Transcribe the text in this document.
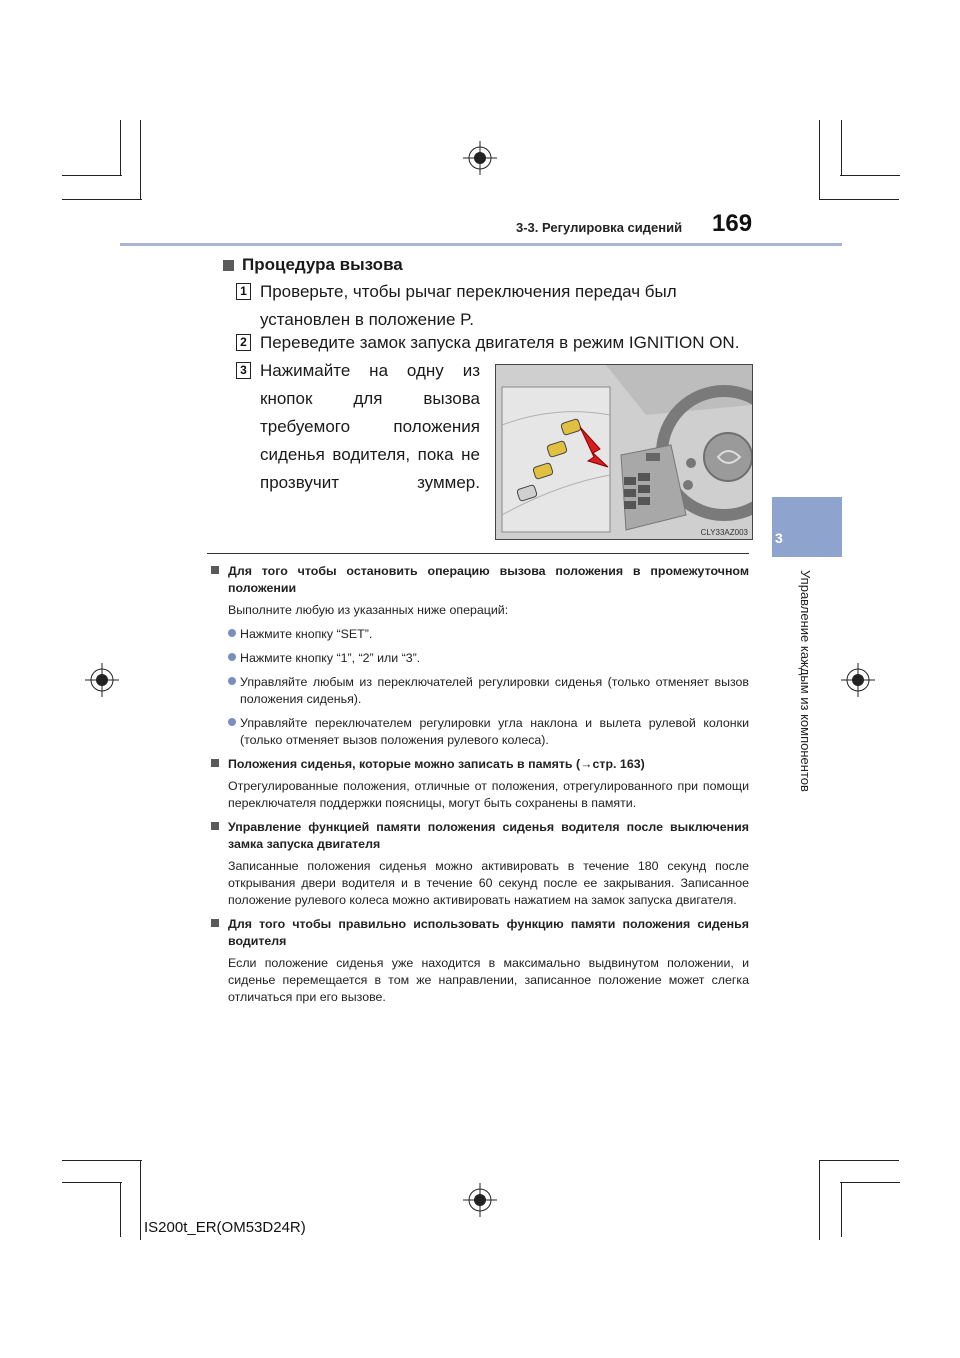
3-3. Регулировка сидений 169
3
Управление каждым из компонентов
Процедура вызова
1 Проверьте, чтобы рычаг переключения передач был установлен в положение P.
2 Переведите замок запуска двигателя в режим IGNITION ON.
3 Нажимайте на одну из кнопок для вызова требуемого положения сиденья водителя, пока не прозвучит зуммер.
CLY33AZ003
Для того чтобы остановить операцию вызова положения в промежуточном положении
Выполните любую из указанных ниже операций:
Нажмите кнопку “SET”.
Нажмите кнопку “1”, “2” или “3”.
Управляйте любым из переключателей регулировки сиденья (только отменяет вызов положения сиденья).
Управляйте переключателем регулировки угла наклона и вылета рулевой колонки (только отменяет вызов положения рулевого колеса).
Положения сиденья, которые можно записать в память (→стр. 163)
Отрегулированные положения, отличные от положения, отрегулированного при помощи переключателя поддержки поясницы, могут быть сохранены в памяти.
Управление функцией памяти положения сиденья водителя после выключения замка запуска двигателя
Записанные положения сиденья можно активировать в течение 180 секунд после открывания двери водителя и в течение 60 секунд после ее закрывания. Записанное положение рулевого колеса можно активировать нажатием на замок запуска двигателя.
Для того чтобы правильно использовать функцию памяти положения сиденья водителя
Если положение сиденья уже находится в максимально выдвинутом положении, и сиденье перемещается в том же направлении, записанное положение может слегка отличаться при его вызове.
IS200t_ER(OM53D24R)
